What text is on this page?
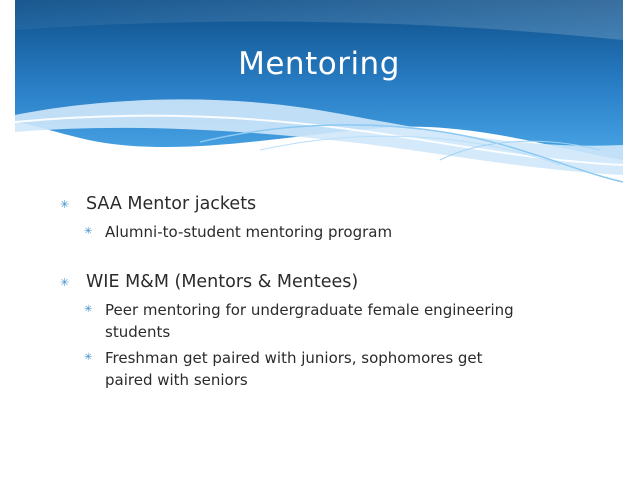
Mentoring
✳ SAA Mentor jackets
✳ Alumni-to-student mentoring program
✳ WIE M&M (Mentors & Mentees)
✳ Peer mentoring for undergraduate female engineering
students
✳ Freshman get paired with juniors, sophomores get
paired with seniors
